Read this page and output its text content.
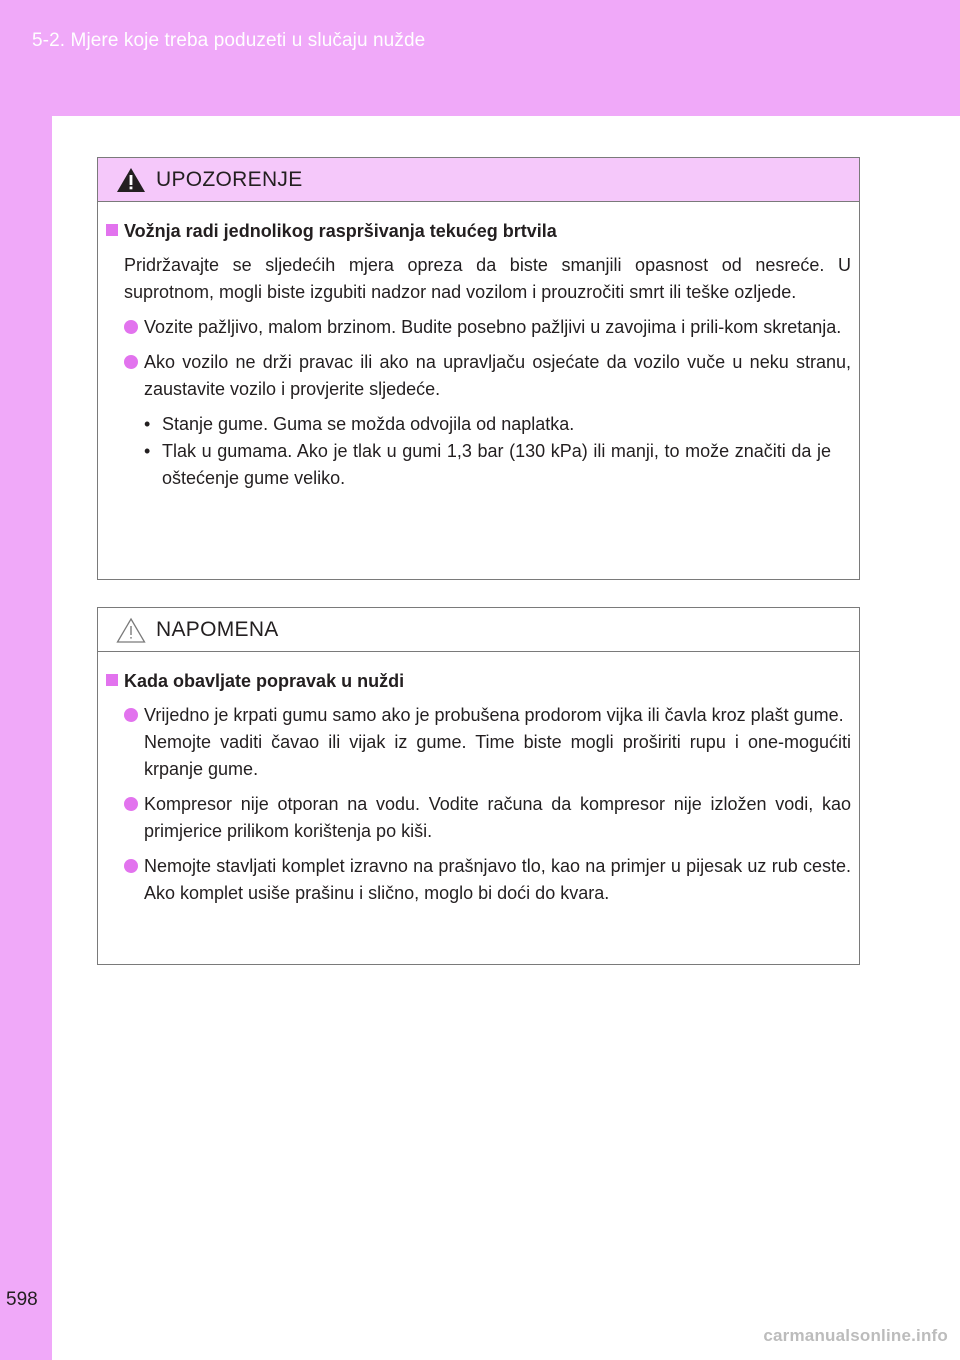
5-2. Mjere koje treba poduzeti u slučaju nužde
UPOZORENJE
Vožnja radi jednolikog raspršivanja tekućeg brtvila
Pridržavajte se sljedećih mjera opreza da biste smanjili opasnost od nesreće. U suprotnom, mogli biste izgubiti nadzor nad vozilom i prouzročiti smrt ili teške ozljede.
Vozite pažljivo, malom brzinom. Budite posebno pažljivi u zavojima i prili-kom skretanja.
Ako vozilo ne drži pravac ili ako na upravljaču osjećate da vozilo vuče u neku stranu, zaustavite vozilo i provjerite sljedeće.
• Stanje gume. Guma se možda odvojila od naplatka.
• Tlak u gumama. Ako je tlak u gumi 1,3 bar (130 kPa) ili manji, to može značiti da je oštećenje gume veliko.
NAPOMENA
Kada obavljate popravak u nuždi
Vrijedno je krpati gumu samo ako je probušena prodorom vijka ili čavla kroz plašt gume.
Nemojte vaditi čavao ili vijak iz gume. Time biste mogli proširiti rupu i one-mogućiti krpanje gume.
Kompresor nije otporan na vodu. Vodite računa da kompresor nije izložen vodi, kao primjerice prilikom korištenja po kiši.
Nemojte stavljati komplet izravno na prašnjavo tlo, kao na primjer u pijesak uz rub ceste. Ako komplet usiše prašinu i slično, moglo bi doći do kvara.
598
carmanualsonline.info
